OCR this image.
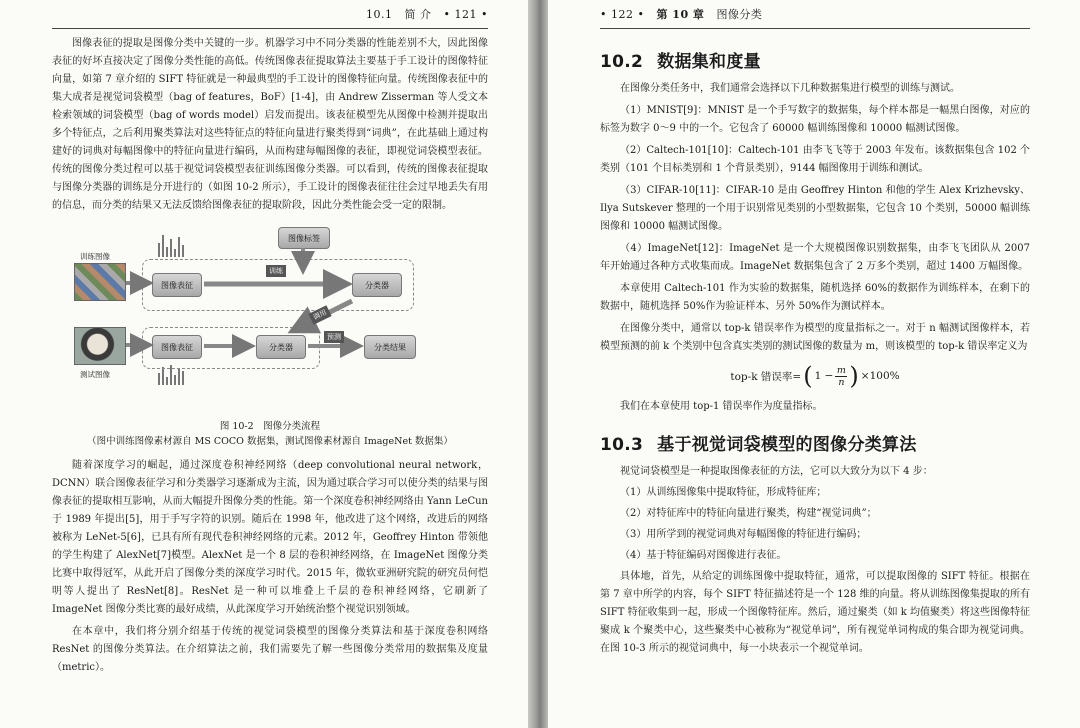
10.1 简 介 • 121 •

图像表征的提取是图像分类中关键的一步。机器学习中不同分类器的性能差别不大，因此图像表征的好坏直接决定了图像分类性能的高低。传统图像表征提取算法主要基于手工设计的图像特征向量，如第 7 章介绍的 SIFT 特征就是一种最典型的手工设计的图像特征向量。传统图像表征中的集大成者是视觉词袋模型（bag of features，BoF）[1-4]，由 Andrew Zisserman 等人受文本检索领域的词袋模型（bag of words model）启发而提出。该表征模型先从图像中检测并提取出多个特征点，之后利用聚类算法对这些特征点的特征向量进行聚类得到“词典”，在此基础上通过构建好的词典对每幅图像中的特征向量进行编码，从而构建每幅图像的表征，即视觉词袋模型表征。传统的图像分类过程可以基于视觉词袋模型表征训练图像分类器。可以看到，传统的图像表征提取与图像分类器的训练是分开进行的（如图 10-2 所示），手工设计的图像表征往往会过早地丢失有用的信息，而分类的结果又无法反馈给图像表征的提取阶段，因此分类性能会受一定的限制。

训练图像
图像标签
图像表征	分类器
图像表征	分类器	分类结果
训练
调用
预测
测试图像

图 10-2　图像分类流程

（图中训练图像素材源自 MS COCO 数据集，测试图像素材源自 ImageNet 数据集）

随着深度学习的崛起，通过深度卷积神经网络（deep convolutional neural network，DCNN）联合图像表征学习和分类器学习逐渐成为主流，因为通过联合学习可以使分类的结果与图像表征的提取相互影响，从而大幅提升图像分类的性能。第一个深度卷积神经网络由 Yann LeCun 于 1989 年提出[5]，用于手写字符的识别。随后在 1998 年，他改进了这个网络，改进后的网络被称为 LeNet-5[6]，已具有所有现代卷积神经网络的元素。2012 年，Geoffrey Hinton 带领他的学生构建了 AlexNet[7]模型。AlexNet 是一个 8 层的卷积神经网络，在 ImageNet 图像分类比赛中取得冠军，从此开启了图像分类的深度学习时代。2015 年，微软亚洲研究院的研究员何恺明等人提出了 ResNet[8]。ResNet 是一种可以堆叠上千层的卷积神经网络，它刷新了 ImageNet 图像分类比赛的最好成绩，从此深度学习开始统治整个视觉识别领域。

在本章中，我们将分别介绍基于传统的视觉词袋模型的图像分类算法和基于深度卷积网络 ResNet 的图像分类算法。在介绍算法之前，我们需要先了解一些图像分类常用的数据集及度量（metric）。

• 122 • 第 10 章 图像分类
10.2 数据集和度量

在图像分类任务中，我们通常会选择以下几种数据集进行模型的训练与测试。

（1）MNIST[9]：MNIST 是一个手写数字的数据集，每个样本都是一幅黑白图像，对应的标签为数字 0～9 中的一个。它包含了 60000 幅训练图像和 10000 幅测试图像。

（2）Caltech-101[10]：Caltech-101 由李飞飞等于 2003 年发布。该数据集包含 102 个类别（101 个目标类别和 1 个背景类别），9144 幅图像用于训练和测试。

（3）CIFAR-10[11]：CIFAR-10 是由 Geoffrey Hinton 和他的学生 Alex Krizhevsky、Ilya Sutskever 整理的一个用于识别常见类别的小型数据集，它包含 10 个类别，50000 幅训练图像和 10000 幅测试图像。

（4）ImageNet[12]：ImageNet 是一个大规模图像识别数据集，由李飞飞团队从 2007 年开始通过各种方式收集而成。ImageNet 数据集包含了 2 万多个类别，超过 1400 万幅图像。

本章使用 Caltech-101 作为实验的数据集，随机选择 60%的数据作为训练样本，在剩下的数据中，随机选择 50%作为验证样本、另外 50%作为测试样本。

在图像分类中，通常以 top-k 错误率作为模型的度量指标之一。对于 n 幅测试图像样本，若模型预测的前 k 个类别中包含真实类别的测试图像的数量为 m，则该模型的 top-k 错误率定义为

top-k 错误率= ( $1 - \frac{m}{n}$ ) ×100%

我们在本章使用 top-1 错误率作为度量指标。

10.3 基于视觉词袋模型的图像分类算法

视觉词袋模型是一种提取图像表征的方法，它可以大致分为以下 4 步：

（1）从训练图像集中提取特征，形成特征库；

（2）对特征库中的特征向量进行聚类，构建“视觉词典”；

（3）用所学到的视觉词典对每幅图像的特征进行编码；

（4）基于特征编码对图像进行表征。

具体地，首先，从给定的训练图像中提取特征，通常，可以提取图像的 SIFT 特征。根据在第 7 章中所学的内容，每个 SIFT 特征描述符是一个 128 维的向量。将从训练图像集提取的所有 SIFT 特征收集到一起，形成一个图像特征库。然后，通过聚类（如 k 均值聚类）将这些图像特征聚成 k 个聚类中心，这些聚类中心被称为“视觉单词”，所有视觉单词构成的集合即为视觉词典。在图 10-3 所示的视觉词典中，每一小块表示一个视觉单词。
